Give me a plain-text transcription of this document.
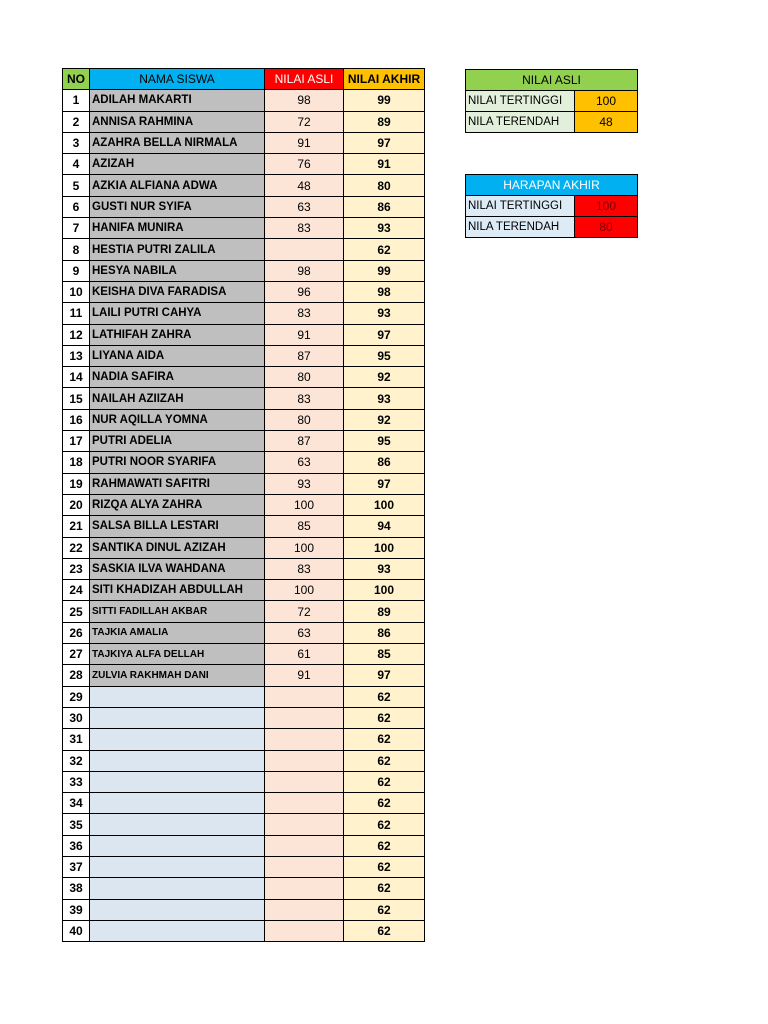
NO	NAMA SISWA	NILAI ASLI	NILAI AKHIR
1	ADILAH MAKARTI	98	99
2	ANNISA RAHMINA	72	89
3	AZAHRA BELLA NIRMALA	91	97
4	AZIZAH	76	91
5	AZKIA ALFIANA ADWA	48	80
6	GUSTI NUR SYIFA	63	86
7	HANIFA MUNIRA	83	93
8	HESTIA PUTRI ZALILA		62
9	HESYA NABILA	98	99
10	KEISHA DIVA FARADISA	96	98
11	LAILI PUTRI CAHYA	83	93
12	LATHIFAH ZAHRA	91	97
13	LIYANA AIDA	87	95
14	NADIA SAFIRA	80	92
15	NAILAH AZIIZAH	83	93
16	NUR AQILLA YOMNA	80	92
17	PUTRI ADELIA	87	95
18	PUTRI NOOR SYARIFA	63	86
19	RAHMAWATI SAFITRI	93	97
20	RIZQA ALYA ZAHRA	100	100
21	SALSA BILLA LESTARI	85	94
22	SANTIKA DINUL AZIZAH	100	100
23	SASKIA ILVA WAHDANA	83	93
24	SITI KHADIZAH ABDULLAH	100	100
25	SITTI FADILLAH AKBAR	72	89
26	TAJKIA AMALIA	63	86
27	TAJKIYA ALFA DELLAH	61	85
28	ZULVIA RAKHMAH DANI	91	97
29			62
30			62
31			62
32			62
33			62
34			62
35			62
36			62
37			62
38			62
39			62
40			62
NILAI ASLI	
NILAI TERTINGGI	100
NILA TERENDAH	48
HARAPAN AKHIR	
NILAI TERTINGGI	100
NILA TERENDAH	80
